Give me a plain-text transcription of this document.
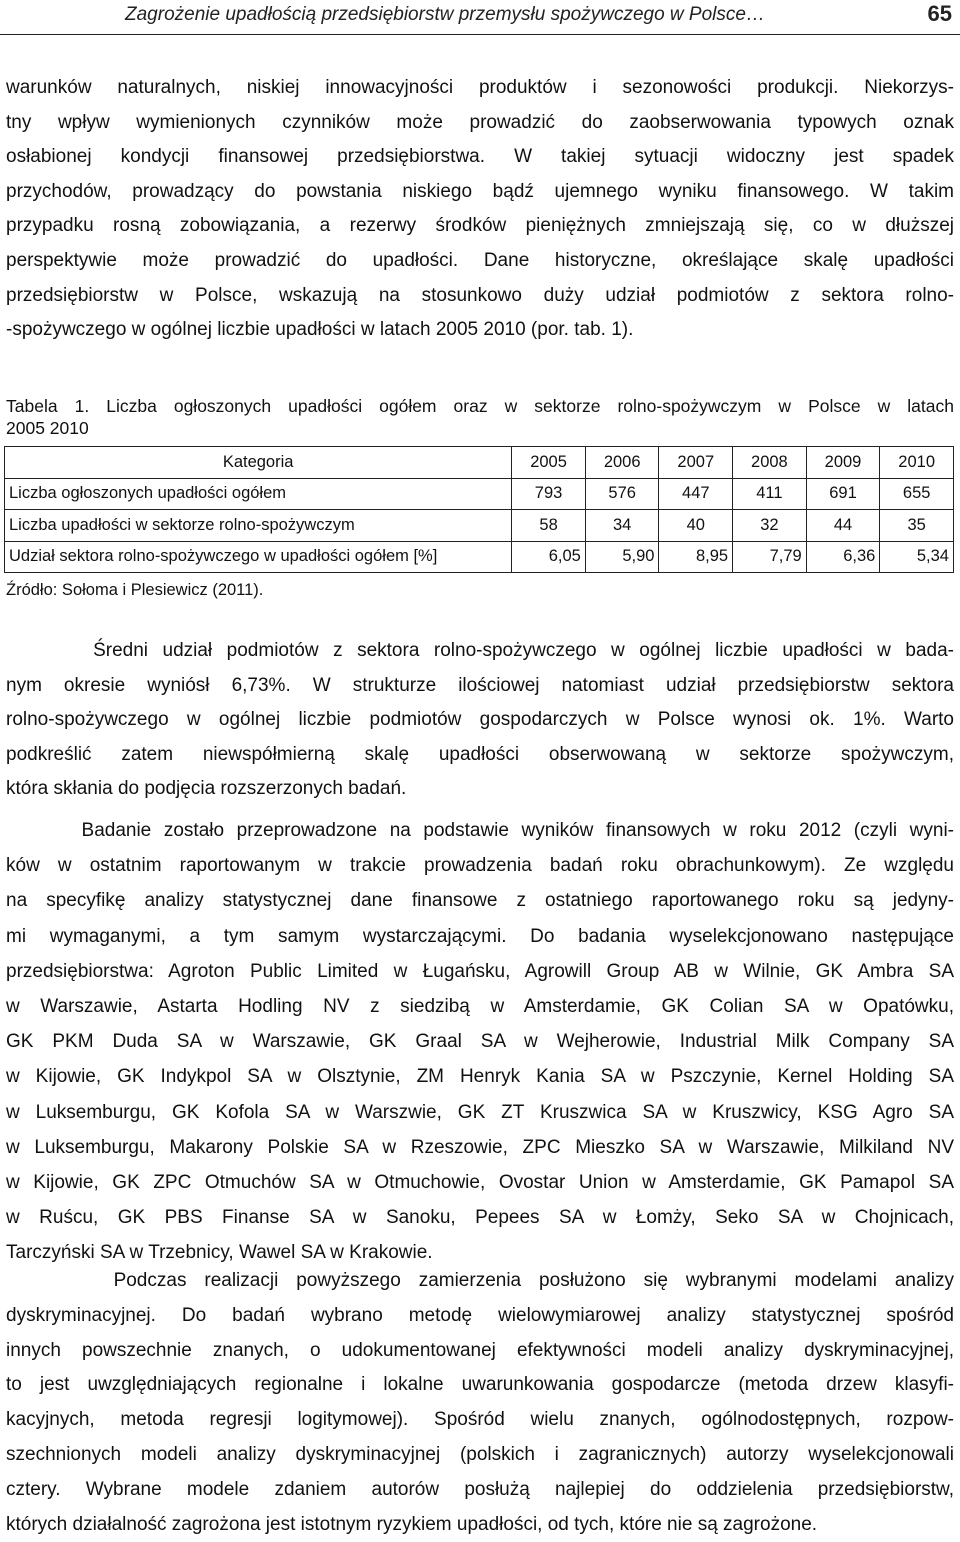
Zagrożenie upadłością przedsiębiorstw przemysłu spożywczego w Polsce…	65

warunków naturalnych, niskiej innowacyjności produktów i sezonowości produkcji. Niekorzys-
tny wpływ wymienionych czynników może prowadzić do zaobserwowania typowych oznak
osłabionej kondycji finansowej przedsiębiorstwa. W takiej sytuacji widoczny jest spadek
przychodów, prowadzący do powstania niskiego bądź ujemnego wyniku finansowego. W takim
przypadku rosną zobowiązania, a rezerwy środków pieniężnych zmniejszają się, co w dłuższej
perspektywie może prowadzić do upadłości. Dane historyczne, określające skalę upadłości
przedsiębiorstw w Polsce, wskazują na stosunkowo duży udział podmiotów z sektora rolno-
-spożywczego w ogólnej liczbie upadłości w latach 2005 2010 (por. tab. 1).

Tabela 1. Liczba ogłoszonych upadłości ogółem oraz w sektorze rolno-spożywczym w Polsce w latach
2005 2010

Kategoria	2005	2006	2007	2008	2009	2010
Liczba ogłoszonych upadłości ogółem	793	576	447	411	691	655
Liczba upadłości w sektorze rolno-spożywczym	58	34	40	32	44	35
Udział sektora rolno-spożywczego w upadłości ogółem [%]	6,05	5,90	8,95	7,79	6,36	5,34
Źródło: Sołoma i Plesiewicz (2011).

Średni udział podmiotów z sektora rolno-spożywczego w ogólnej liczbie upadłości w bada-
nym okresie wyniósł 6,73%. W strukturze ilościowej natomiast udział przedsiębiorstw sektora
rolno-spożywczego w ogólnej liczbie podmiotów gospodarczych w Polsce wynosi ok. 1%. Warto
podkreślić zatem niewspółmierną skalę upadłości obserwowaną w sektorze spożywczym,
która skłania do podjęcia rozszerzonych badań.

Badanie zostało przeprowadzone na podstawie wyników finansowych w roku 2012 (czyli wyni-
ków w ostatnim raportowanym w trakcie prowadzenia badań roku obrachunkowym). Ze względu
na specyfikę analizy statystycznej dane finansowe z ostatniego raportowanego roku są jedyny-
mi wymaganymi, a tym samym wystarczającymi. Do badania wyselekcjonowano następujące
przedsiębiorstwa: Agroton Public Limited w Ługańsku, Agrowill Group AB w Wilnie, GK Ambra SA
w Warszawie, Astarta Hodling NV z siedzibą w Amsterdamie, GK Colian SA w Opatówku,
GK PKM Duda SA w Warszawie, GK Graal SA w Wejherowie, Industrial Milk Company SA
w Kijowie, GK Indykpol SA w Olsztynie, ZM Henryk Kania SA w Pszczynie, Kernel Holding SA
w Luksemburgu, GK Kofola SA w Warszwie, GK ZT Kruszwica SA w Kruszwicy, KSG Agro SA
w Luksemburgu, Makarony Polskie SA w Rzeszowie, ZPC Mieszko SA w Warszawie, Milkiland NV
w Kijowie, GK ZPC Otmuchów SA w Otmuchowie, Ovostar Union w Amsterdamie, GK Pamapol SA
w Ruścu, GK PBS Finanse SA w Sanoku, Pepees SA w Łomży, Seko SA w Chojnicach,
Tarczyński SA w Trzebnicy, Wawel SA w Krakowie.

Podczas realizacji powyższego zamierzenia posłużono się wybranymi modelami analizy
dyskryminacyjnej. Do badań wybrano metodę wielowymiarowej analizy statystycznej spośród
innych powszechnie znanych, o udokumentowanej efektywności modeli analizy dyskryminacyjnej,
to jest uwzględniających regionalne i lokalne uwarunkowania gospodarcze (metoda drzew klasyfi-
kacyjnych, metoda regresji logitymowej). Spośród wielu znanych, ogólnodostępnych, rozpow-
szechnionych modeli analizy dyskryminacyjnej (polskich i zagranicznych) autorzy wyselekcjonowali
cztery. Wybrane modele zdaniem autorów posłużą najlepiej do oddzielenia przedsiębiorstw,
których działalność zagrożona jest istotnym ryzykiem upadłości, od tych, które nie są zagrożone.
